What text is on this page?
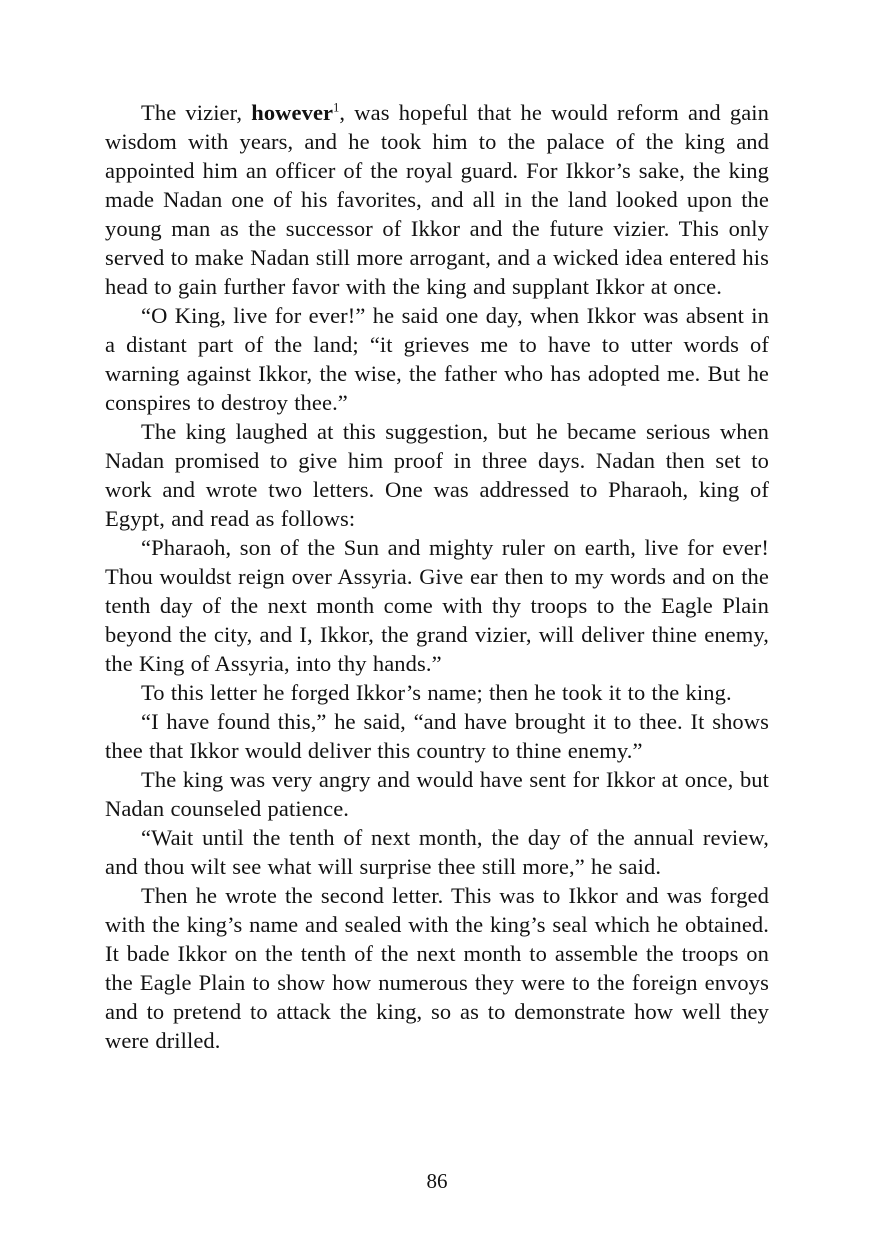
The vizier, however$^1$, was hopeful that he would reform and gain wisdom with years, and he took him to the palace of the king and appointed him an officer of the royal guard. For Ikkor’s sake, the king made Nadan one of his favorites, and all in the land looked upon the young man as the successor of Ikkor and the future vizier. This only served to make Nadan still more arrogant, and a wicked idea entered his head to gain further favor with the king and supplant Ikkor at once.

“O King, live for ever!” he said one day, when Ikkor was absent in a distant part of the land; “it grieves me to have to utter words of warning against Ikkor, the wise, the father who has adopted me. But he conspires to destroy thee.”

The king laughed at this suggestion, but he became serious when Nadan promised to give him proof in three days. Nadan then set to work and wrote two letters. One was addressed to Pharaoh, king of Egypt, and read as follows:

“Pharaoh, son of the Sun and mighty ruler on earth, live for ever! Thou wouldst reign over Assyria. Give ear then to my words and on the tenth day of the next month come with thy troops to the Eagle Plain beyond the city, and I, Ikkor, the grand vizier, will deliver thine enemy, the King of Assyria, into thy hands.”

To this letter he forged Ikkor’s name; then he took it to the king.

“I have found this,” he said, “and have brought it to thee. It shows thee that Ikkor would deliver this country to thine enemy.”

The king was very angry and would have sent for Ikkor at once, but Nadan counseled patience.

“Wait until the tenth of next month, the day of the annual review, and thou wilt see what will surprise thee still more,” he said.

Then he wrote the second letter. This was to Ikkor and was forged with the king’s name and sealed with the king’s seal which he obtained. It bade Ikkor on the tenth of the next month to assemble the troops on the Eagle Plain to show how numerous they were to the foreign envoys and to pretend to attack the king, so as to demonstrate how well they were drilled.

86
